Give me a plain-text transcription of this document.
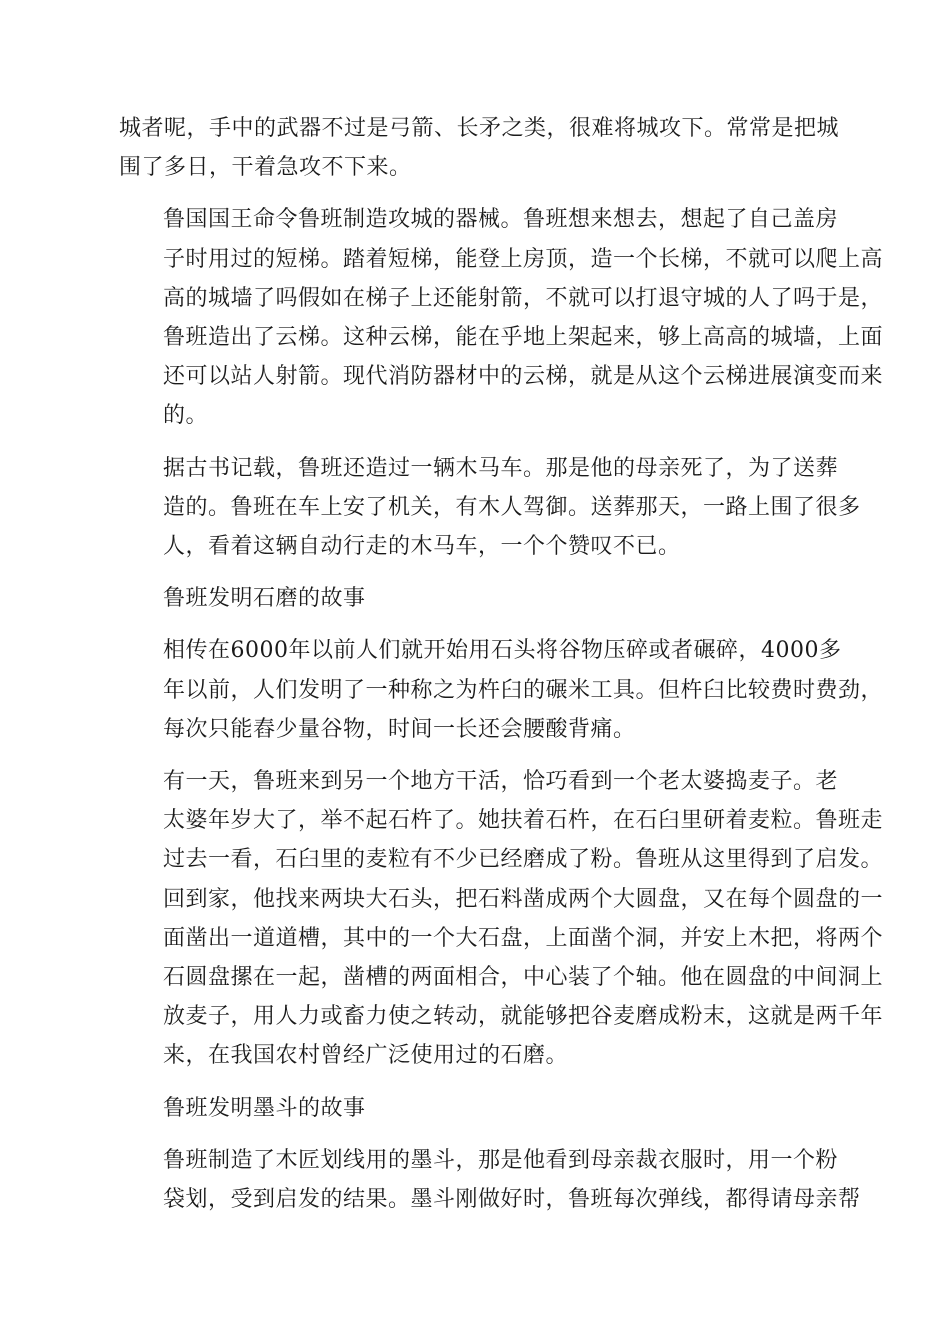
城者呢，手中的武器不过是弓箭、长矛之类，很难将城攻下。常常是把城
围了多日，干着急攻不下来。

鲁国国王命令鲁班制造攻城的器械。鲁班想来想去，想起了自己盖房
子时用过的短梯。踏着短梯，能登上房顶，造一个长梯，不就可以爬上高
高的城墙了吗假如在梯子上还能射箭，不就可以打退守城的人了吗于是，
鲁班造出了云梯。这种云梯，能在乎地上架起来，够上高高的城墙，上面
还可以站人射箭。现代消防器材中的云梯，就是从这个云梯进展演变而来
的。

据古书记载，鲁班还造过一辆木马车。那是他的母亲死了，为了送葬
造的。鲁班在车上安了机关，有木人驾御。送葬那天，一路上围了很多
人，看着这辆自动行走的木马车，一个个赞叹不已。

鲁班发明石磨的故事

相传在6000年以前人们就开始用石头将谷物压碎或者碾碎，4000多
年以前，人们发明了一种称之为杵臼的碾米工具。但杵臼比较费时费劲，
每次只能舂少量谷物，时间一长还会腰酸背痛。

有一天，鲁班来到另一个地方干活，恰巧看到一个老太婆捣麦子。老
太婆年岁大了，举不起石杵了。她扶着石杵，在石臼里研着麦粒。鲁班走
过去一看，石臼里的麦粒有不少已经磨成了粉。鲁班从这里得到了启发。
回到家，他找来两块大石头，把石料凿成两个大圆盘，又在每个圆盘的一
面凿出一道道槽，其中的一个大石盘，上面凿个洞，并安上木把，将两个
石圆盘摞在一起，凿槽的两面相合，中心装了个轴。他在圆盘的中间洞上
放麦子，用人力或畜力使之转动，就能够把谷麦磨成粉末，这就是两千年
来，在我国农村曾经广泛使用过的石磨。

鲁班发明墨斗的故事

鲁班制造了木匠划线用的墨斗，那是他看到母亲裁衣服时，用一个粉
袋划，受到启发的结果。墨斗刚做好时，鲁班每次弹线，都得请母亲帮
